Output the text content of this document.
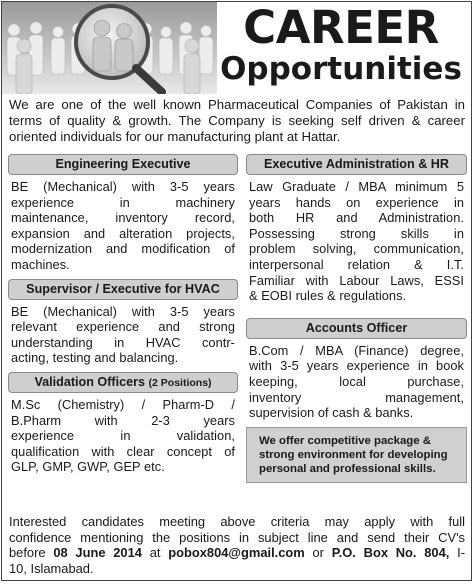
CAREER
Opportunities
We are one of the well known Pharmaceutical Companies of Pakistan in terms of quality & growth. The Company is seeking self driven & career oriented individuals for our manufacturing plant at Hattar.
Engineering Executive
BE (Mechanical) with 3-5 years
experience in machinery
maintenance, inventory record,
expansion and alteration projects,
modernization and modification of
machines.
Supervisor / Executive for HVAC
BE (Mechanical) with 3-5 years
relevant experience and strong
understanding in HVAC contr-
acting, testing and balancing.
Validation Officers (2 Positions)
M.Sc (Chemistry) / Pharm-D /
B.Pharm with 2-3 years
experience in validation,
qualification with clear concept of
GLP, GMP, GWP, GEP etc.
Executive Administration & HR
Law Graduate / MBA minimum 5
years hands on experience in
both HR and Administration.
Possessing strong skills in
problem solving, communication,
interpersonal relation & I.T.
Familiar with Labour Laws, ESSI
& EOBI rules & regulations.
Accounts Officer
B.Com / MBA (Finance) degree,
with 3-5 years experience in book
keeping, local purchase,
inventory management,
supervision of cash & banks.
We offer competitive package & strong environment for developing personal and professional skills.
Interested candidates meeting above criteria may apply with full
confidence mentioning the positions in subject line and send their CV's
before 08 June 2014 at pobox804@gmail.com or P.O. Box No. 804, I-
10, Islamabad.
